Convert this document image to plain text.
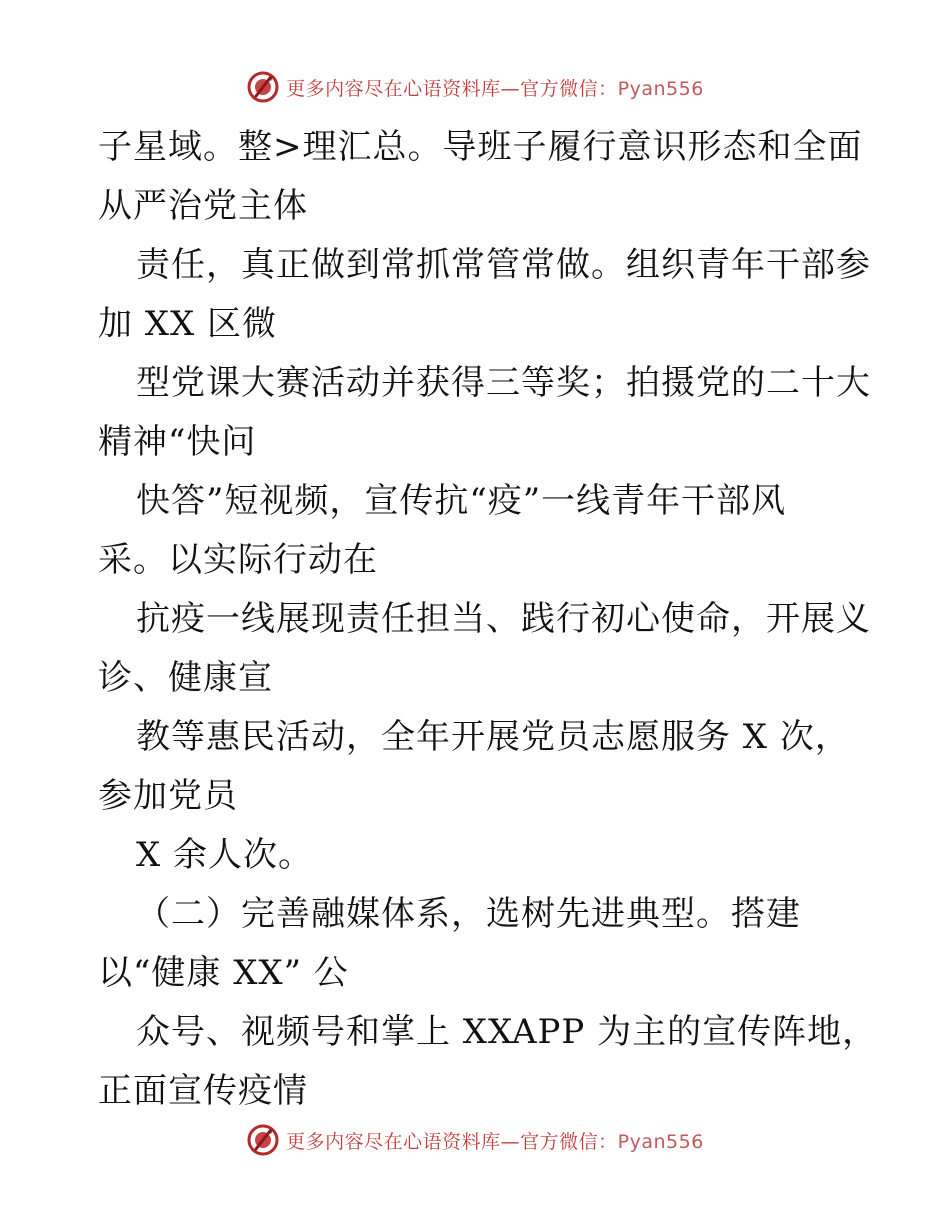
更多内容尽在心语资料库—官方微信：Pyan556
子星域。整>理汇总。导班子履行意识形态和全面
从严治党主体
责任，真正做到常抓常管常做。组织青年干部参
加 XX 区微
型党课大赛活动并获得三等奖；拍摄党的二十大
精神“快问
快答”短视频，宣传抗“疫”一线青年干部风
采。以实际行动在
抗疫一线展现责任担当、践行初心使命，开展义
诊、健康宣
教等惠民活动，全年开展党员志愿服务 X 次，
参加党员
X 余人次。
（二）完善融媒体系，选树先进典型。搭建
以“健康 XX” 公
众号、视频号和掌上 XXAPP 为主的宣传阵地，
正面宣传疫情
更多内容尽在心语资料库—官方微信：Pyan556
